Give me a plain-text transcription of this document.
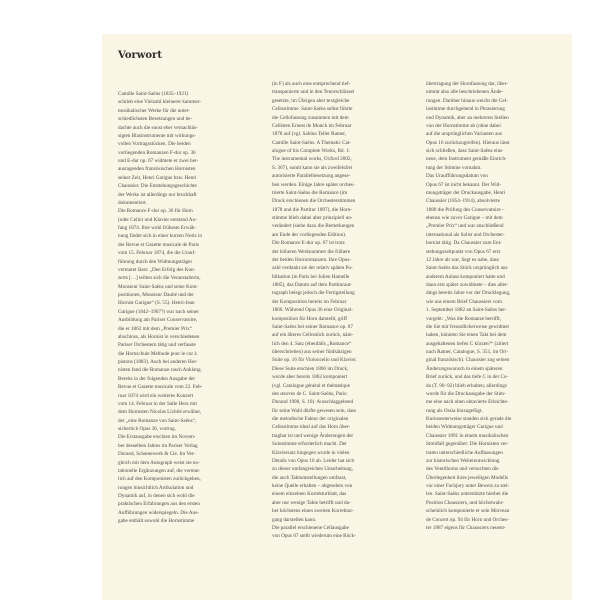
Vorwort
Camille Saint-Saëns (1835–1921)
schrieb eine Vielzahl kleinerer kammer-
musikalischer Werke für die unter-
schiedlichsten Besetzungen und be-
dachte auch die sonst eher vernachläs-
sigten Blasinstrumente mit wirkungs-
vollen Vortragsstücken. Die beiden
vorliegenden Romanzen F-dur op. 36
und E-dur op. 67 widmete er zwei her-
ausragenden französischen Hornisten
seiner Zeit, Henri Garigue bzw. Henri
Chaussier. Die Entstehungsgeschichte
der Werke ist allerdings nur bruchhaft
dokumentiert.
Die Romance F-dur op. 36 für Horn
(oder Cello) und Klavier entstand An-
fang 1874. Ihre wohl früheste Erwäh-
nung findet sich in einer kurzen Notiz in
der Revue et Gazette musicale de Paris
vom 15. Februar 1874, die die Urauf-
führung durch den Widmungsträger
vermutet lässt: „Den Erfolg des Kon-
zerts […] teilten sich die Veranstalterin,
Monsieur Saint-Saëns und seine Kom-
positionen, Monsieur Daubé und der
Hornist Garigue“ (S. 55). Henri-Jean
Garigue (1842–1907?) war nach seiner
Ausbildung am Pariser Conservatoire,
die er 1862 mit dem „Premier Prix“
abschloss, als Hornist in verschiedenen
Pariser Orchestern tätig und verfasste
die Hornschule Méthode pour le cor à
pistons (1883). Auch bei anderen Hor-
nisten fand die Romanze rasch Anklang.
Bereits in der folgenden Ausgabe der
Revue et Gazette musicale vom 22. Feb-
ruar 1874 wird ein weiteres Konzert
vom 14. Februar in der Salle Herz mit
dem Hornisten Nicolas Lichtlé erwähnt,
der „eine Romanze von Saint-Saëns“,
sicherlich Opus 36, vortrug.
Die Erstausgabe erschien im Novem-
ber desselben Jahres im Pariser Verlag
Durand, Schœnewerk & Cie. Im Ver-
gleich mit dem Autograph weist sie no-
tationelle Ergänzungen auf, die vermut-
lich auf den Komponisten zurückgehen,
rungen hinsichtlich Artikulation und
Dynamik auf, in denen sich wohl die
praktischen Erfahrungen aus den ersten
Aufführungen widerspiegeln. Die Aus-
gabe enthält sowohl die Hornstimme
(in F) als auch eine entsprechend tief-
transponierte und in den Tenorschlüssel
gesetzte, im Übrigen aber textgleiche
Cellostimme. Saint-Saëns selbst führte
die Cellofassung zusammen mit dem
Cellisten Ernest de Munck im Februar
1878 auf (vgl. Sabina Teller Ratner,
Camille Saint-Saëns. A Thematic Cat-
alogue of his Complete Works, Bd. 1:
The instrumental works, Oxford 2002,
S. 367), somit kann sie als zweifelsfrei
autorisierte Parallelbesetzung angese-
hen werden. Einige Jahre später orches-
trierte Saint-Saëns die Romance (im
Druck erschienen die Orchesterstimmen
1878 und die Partitur 1897), die Horn-
stimme blieb dabei aber prinzipiell un-
verändert (siehe dazu die Bemerkungen
am Ende der vorliegenden Edition).
Die Romance E-dur op. 67 ist trotz
der höheren Werknummer die frühere
der beiden Hornromanzen. Ihre Opus-
zahl verdankt sie der relativ späten Pu-
blikation (in Paris bei Julien Hamelle
1885), das Datum auf dem Partituraut-
tograph belegt jedoch die Fertigstellung
der Komposition bereits im Februar
1866. Während Opus 36 eine Original-
komposition für Horn darstellt, griff
Saint-Saëns bei seiner Romance op. 67
auf ein älteres Cellostück zurück, näm-
lich den 4. Satz (ebenfalls „Romance“
überschrieben) aus seiner fünfsätzigen
Suite op. 16 für Violoncello und Klavier.
Diese Suite erschien 1866 im Druck,
wurde aber bereits 1862 komponiert
(vgl. Catalogue général et thématique
des œuvres de C. Saint-Saëns, Paris:
Durand 1908, S. 10). Ausschlaggebend
für seine Wahl dürfte gewesen sein, dass
die melodische Faktur der originalen
Cellostimme ideal auf das Horn über-
tragbar ist und wenige Änderungen der
Solostimme erforderlich macht. Der
Klaviersatz hingegen wurde in vielen
Details von Opus 16 ab. Leider hat sich
zu dieser umfangreichen Umarbeitung,
die auch Taktumstellungen umfasst,
keine Quelle erhalten – abgesehen von
einem einzelnen Korrekturblatt, das
aber nur wenige Takte betrifft und da-
her höchstens einen zweiten Korrektur-
gang darstellen kann.
Die parallel erschienene Cellausgabe
von Opus 67 stellt wiederum eine Rück-
übertragung der Hornfassung dar, über-
nimmt also alle beschriebenen Ände-
rungen. Darüber hinaus weicht die Cel-
lostimme durchgehend in Phrasierung
und Dynamik, aber an mehreren Stellen
von der Hornstimme ab (ohne dabei
auf die ursprünglichen Varianten aus
Opus 16 zurückzugreifen). Hieraus lässt
sich schließen, dass Saint-Saëns eine
neue, dem Instrument gemäße Einrich-
tung der Stimme vornahm.
Das Uraufführungsdatum von
Opus 67 ist nicht bekannt. Der Wid-
mungsträger der Druckausgabe, Henri
Chaussier (1854–1914), absolvierte
1880 die Prüfung des Conservatoire –
ebenso wie zuvor Garigue – mit dem
„Premier Prix“ und war anschließend
international als Solist und Orchester-
hornist tätig. Da Chaussier zum Ent-
stehungszeitpunkt von Opus 67 erst
12 Jahre alt war, liegt es nahe, dass
Saint-Saëns das Stück ursprünglich aus
anderem Anlass komponiert hatte und
dann erst später zuwidmete – dies aller-
dings bereits Jahre vor der Drucklegung,
wie aus einem Brief Chaussiers vom
1. September 1882 an Saint-Saëns her-
vorgeht: „Was die Romanze betrifft,
die Sie mir freundlicherweise gewidmet
haben, könnten Sie einen Takt bei dem
ausgehaltenen tiefen C kürzen?“ (zitiert
nach Ratner, Catalogue, S. 351, im Ori-
ginal französisch). Chaussier zog seinen
Änderungswunsch in einem späteren
Brief zurück, und das tiefe C in der Co-
da (T. 90–92) blieb erhalten; allerdings
wurde für die Druckausgabe der Stim-
me eine nach oben oktavierte Erleichte-
rung als Ossia hinzugefügt.
Kuriosesterweise standen sich gerade die
beiden Widmungsträger Garigue und
Chaussier 1891 in einem musikalischen
Streitfall gegenüber: Die Hornisten ver-
traten unterschiedliche Auffassungen
zur historischen Weiterentwicklung
des Ventilhorns und versuchten die
Überlegenheit ihres jeweiligen Modells
vor einer Fachjury unter Beweis zu stel-
len. Saint-Saëns unterstützte hierbei die
Position Chaussiers, und höchstwahr-
scheinlich komponierte er sein Morceau
de Concert op. 94 für Horn und Orches-
ter 1887 eigens für Chaussiers neuent-
